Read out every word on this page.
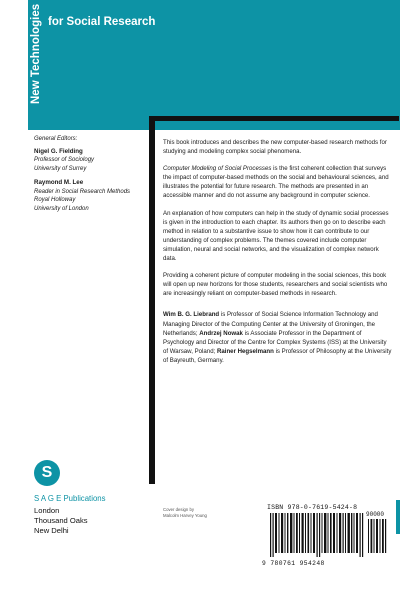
New Technologies for Social Research
General Editors:
Nigel G. Fielding
Professor of Sociology
University of Surrey
Raymond M. Lee
Reader in Social Research Methods
Royal Holloway
University of London

This book introduces and describes the new computer-based research methods for studying and modeling complex social phenomena.

Computer Modeling of Social Processes is the first coherent collection that surveys the impact of computer-based methods on the social and behavioural sciences, and illustrates the potential for future research. The methods are presented in an accessible manner and do not assume any background in computer science.

An explanation of how computers can help in the study of dynamic social processes is given in the introduction to each chapter. Its authors then go on to describe each method in relation to a substantive issue to show how it can contribute to our understanding of complex problems. The themes covered include computer simulation, neural and social networks, and the visualization of complex network data.

Providing a coherent picture of computer modeling in the social sciences, this book will open up new horizons for those students, researchers and social scientists who are increasingly reliant on computer-based methods in research.

Wim B. G. Liebrand is Professor of Social Science Information Technology and Managing Director of the Computing Center at the University of Groningen, the Netherlands; Andrzej Nowak is Associate Professor in the Department of Psychology and Director of the Centre for Complex Systems (ISS) at the University of Warsaw, Poland; Rainer Hegselmann is Professor of Philosophy at the University of Bayreuth, Germany.

S
S A G E Publications
London
Thousand Oaks
New Delhi
Cover design by
Malcolm Harvey Young
ISBN 978-0-7619-5424-8
90000
9 780761 954248
